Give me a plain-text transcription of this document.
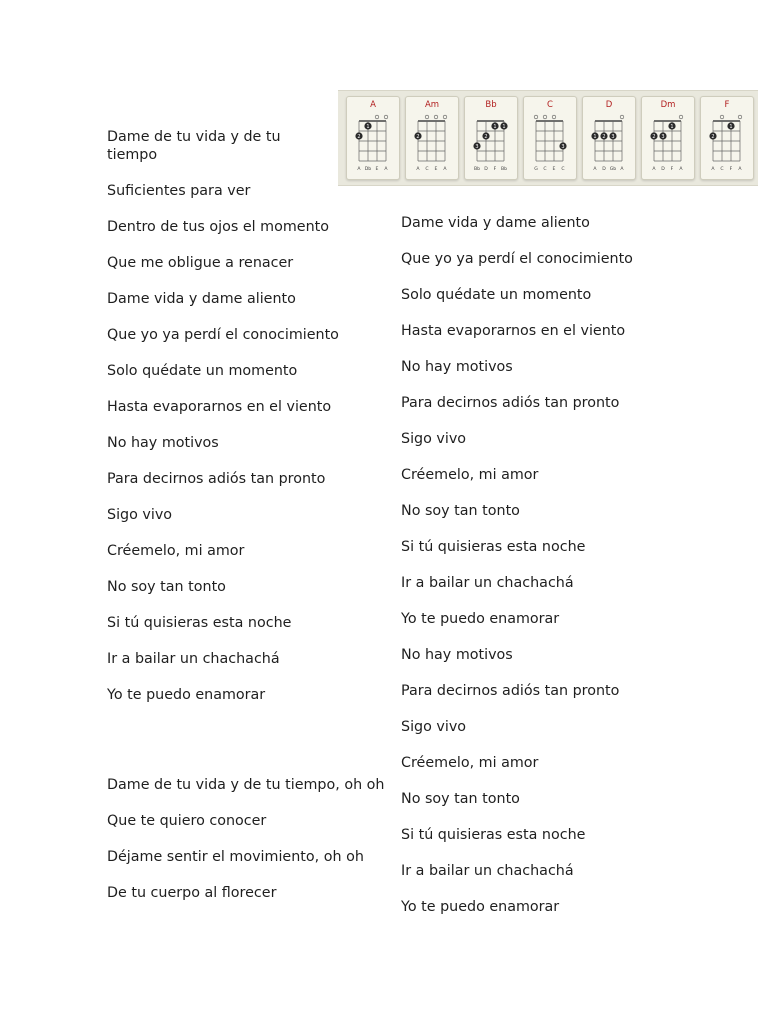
A
2
1
A Db E A
Am
2
A C E A
Bb
3
2
1 1
Bb D F Bb
C
3
G C E C
D
1 2 3
A D Gb A
Dm
2 3
1
A D F A
F
2
1
A C F A

Dame de tu vida y de tu tiempo

Suficientes para ver

Dentro de tus ojos el momento

Que me obligue a renacer

Dame vida y dame aliento

Que yo ya perdí el conocimiento

Solo quédate un momento

Hasta evaporarnos en el viento

No hay motivos

Para decirnos adiós tan pronto

Sigo vivo

Créemelo, mi amor

No soy tan tonto

Si tú quisieras esta noche

Ir a bailar un chachachá

Yo te puedo enamorar

Dame de tu vida y de tu tiempo, oh oh

Que te quiero conocer

Déjame sentir el movimiento, oh oh

De tu cuerpo al florecer

Dame vida y dame aliento

Que yo ya perdí el conocimiento

Solo quédate un momento

Hasta evaporarnos en el viento

No hay motivos

Para decirnos adiós tan pronto

Sigo vivo

Créemelo, mi amor

No soy tan tonto

Si tú quisieras esta noche

Ir a bailar un chachachá

Yo te puedo enamorar

No hay motivos

Para decirnos adiós tan pronto

Sigo vivo

Créemelo, mi amor

No soy tan tonto

Si tú quisieras esta noche

Ir a bailar un chachachá

Yo te puedo enamorar
